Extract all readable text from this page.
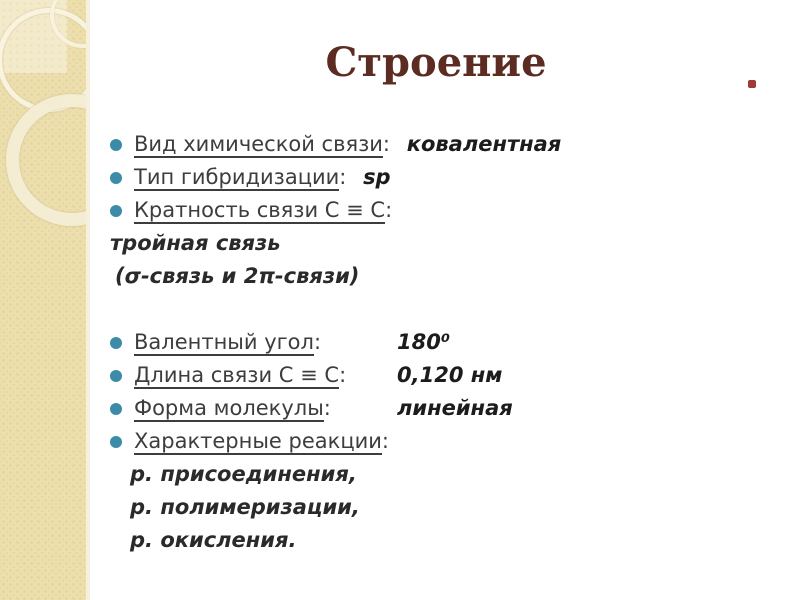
Строение
Вид химической связи: ковалентная
Тип гибридизации: sp
Кратность связи C ≡ C:
тройная связь
(σ-связь и 2π-связи)
Валентный угол:	180⁰
Длина связи C ≡ C: 0,120 нм
Форма молекулы:	линейная
Характерные реакции:
р. присоединения,
р. полимеризации,
р. окисления.
